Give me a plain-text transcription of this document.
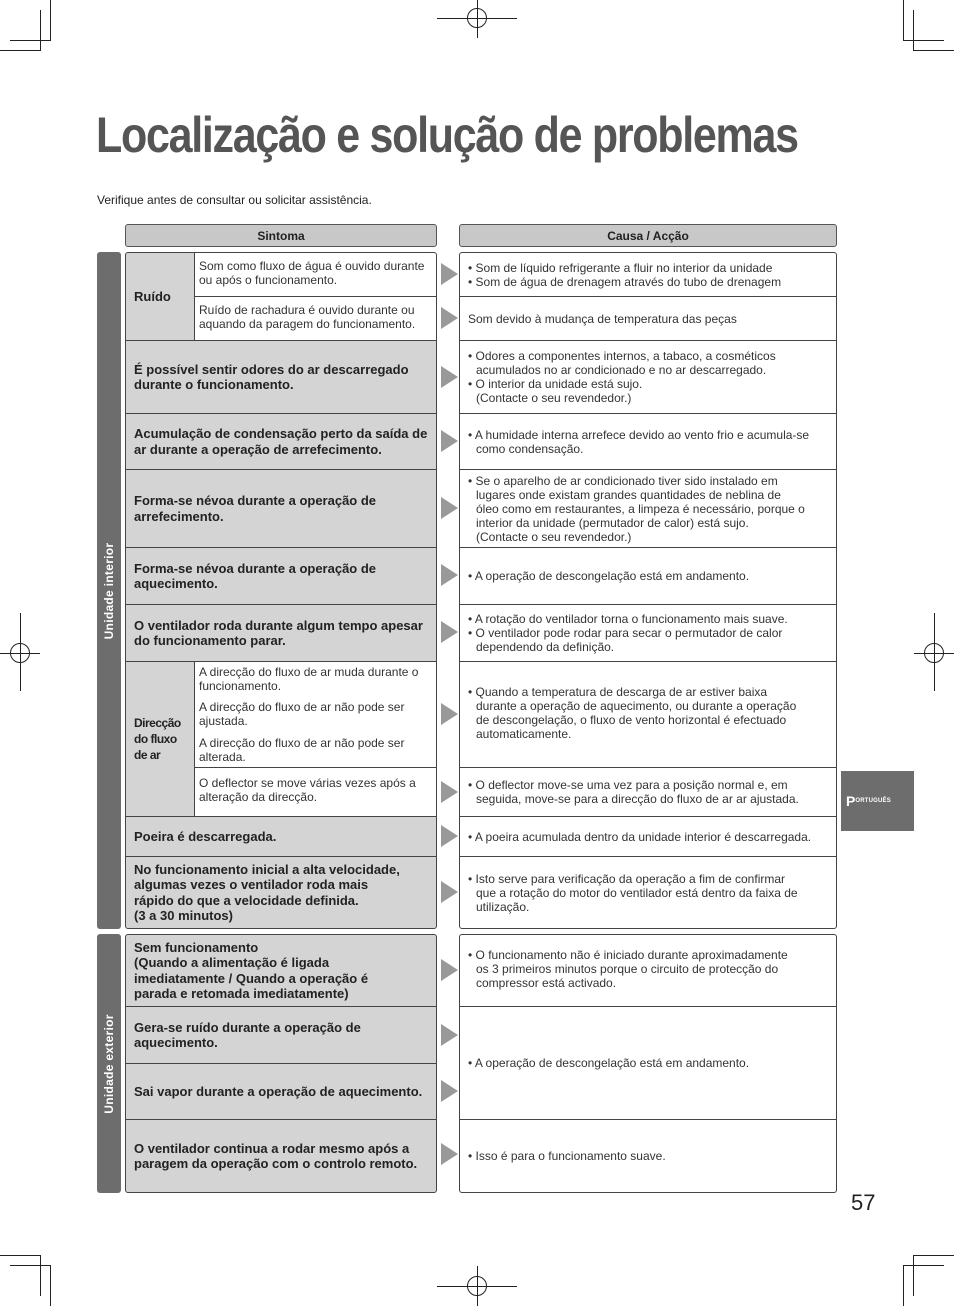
Localização e solução de problemas
Verifique antes de consultar ou solicitar assistência.
Sintoma	Causa / Acção
Unidade interior
Unidade exterior
Ruído
Som como fluxo de água é ouvido durante ou após o funcionamento.
Ruído de rachadura é ouvido durante ou aquando da paragem do funcionamento.
É possível sentir odores do ar descarregado durante o funcionamento.
Acumulação de condensação perto da saída de ar durante a operação de arrefecimento.
Forma-se névoa durante a operação de arrefecimento.
Forma-se névoa durante a operação de aquecimento.
O ventilador roda durante algum tempo apesar do funcionamento parar.
Direcção do fluxo de ar
A direcção do fluxo de ar muda durante o funcionamento.
A direcção do fluxo de ar não pode ser ajustada.
A direcção do fluxo de ar não pode ser alterada.
O deflector se move várias vezes após a alteração da direcção.
Poeira é descarregada.
No funcionamento inicial a alta velocidade,
algumas vezes o ventilador roda mais
rápido do que a velocidade definida.
(3 a 30 minutos)
Sem funcionamento
(Quando a alimentação é ligada
imediatamente / Quando a operação é
parada e retomada imediatamente)
Gera-se ruído durante a operação de aquecimento.
Sai vapor durante a operação de aquecimento.
O ventilador continua a rodar mesmo após a paragem da operação com o controlo remoto.
• Som de líquido refrigerante a fluir no interior da unidade
• Som de água de drenagem através do tubo de drenagem
Som devido à mudança de temperatura das peças
• Odores a componentes internos, a tabaco, a cosméticos
acumulados no ar condicionado e no ar descarregado.
• O interior da unidade está sujo.
(Contacte o seu revendedor.)
• A humidade interna arrefece devido ao vento frio e acumula-se como condensação.
• Se o aparelho de ar condicionado tiver sido instalado em
lugares onde existam grandes quantidades de neblina de
óleo como em restaurantes, a limpeza é necessário, porque o
interior da unidade (permutador de calor) está sujo.
(Contacte o seu revendedor.)
• A operação de descongelação está em andamento.
• A rotação do ventilador torna o funcionamento mais suave.
• O ventilador pode rodar para secar o permutador de calor
dependendo da definição.
• Quando a temperatura de descarga de ar estiver baixa
durante a operação de aquecimento, ou durante a operação
de descongelação, o fluxo de vento horizontal é efectuado
automaticamente.
• O deflector move-se uma vez para a posição normal e, em
seguida, move-se para a direcção do fluxo de ar ar ajustada.
• A poeira acumulada dentro da unidade interior é descarregada.
• Isto serve para verificação da operação a fim de confirmar
que a rotação do motor do ventilador está dentro da faixa de
utilização.
• O funcionamento não é iniciado durante aproximadamente
os 3 primeiros minutos porque o circuito de protecção do
compressor está activado.
• A operação de descongelação está em andamento.
• Isso é para o funcionamento suave.
P ORTUGUÊS
57
